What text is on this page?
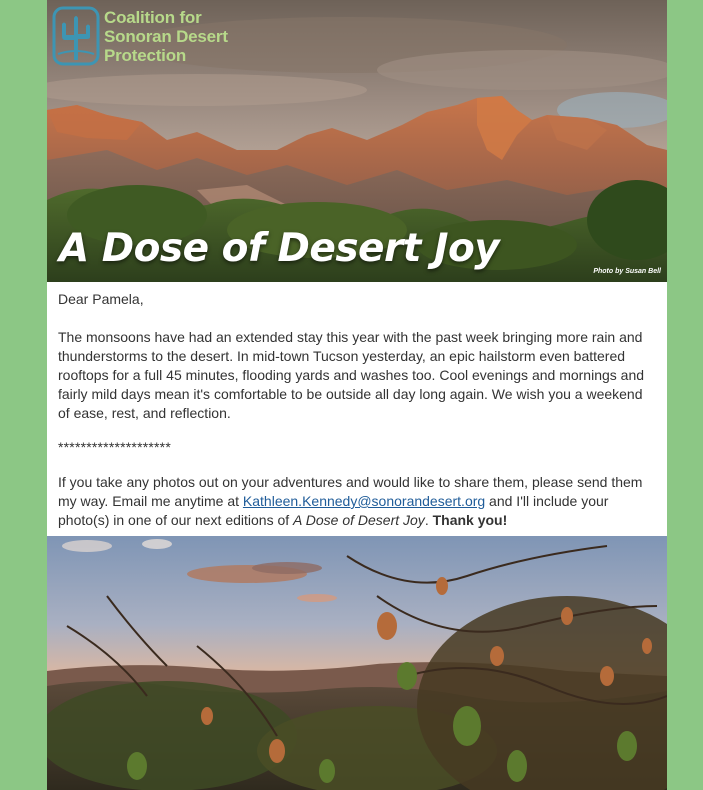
Coalition for
Sonoran Desert
Protection
A Dose of Desert Joy
Photo by Susan Bell

Dear Pamela,

The monsoons have had an extended stay this year with the past week bringing more rain and thunderstorms to the desert. In mid-town Tucson yesterday, an epic hailstorm even battered rooftops for a full 45 minutes, flooding yards and washes too. Cool evenings and mornings and fairly mild days mean it's comfortable to be outside all day long again. We wish you a weekend of ease, rest, and reflection.

********************

If you take any photos out on your adventures and would like to share them, please send them my way. Email me anytime at Kathleen.Kennedy@sonorandesert.org and I'll include your photo(s) in one of our next editions of A Dose of Desert Joy. Thank you!
